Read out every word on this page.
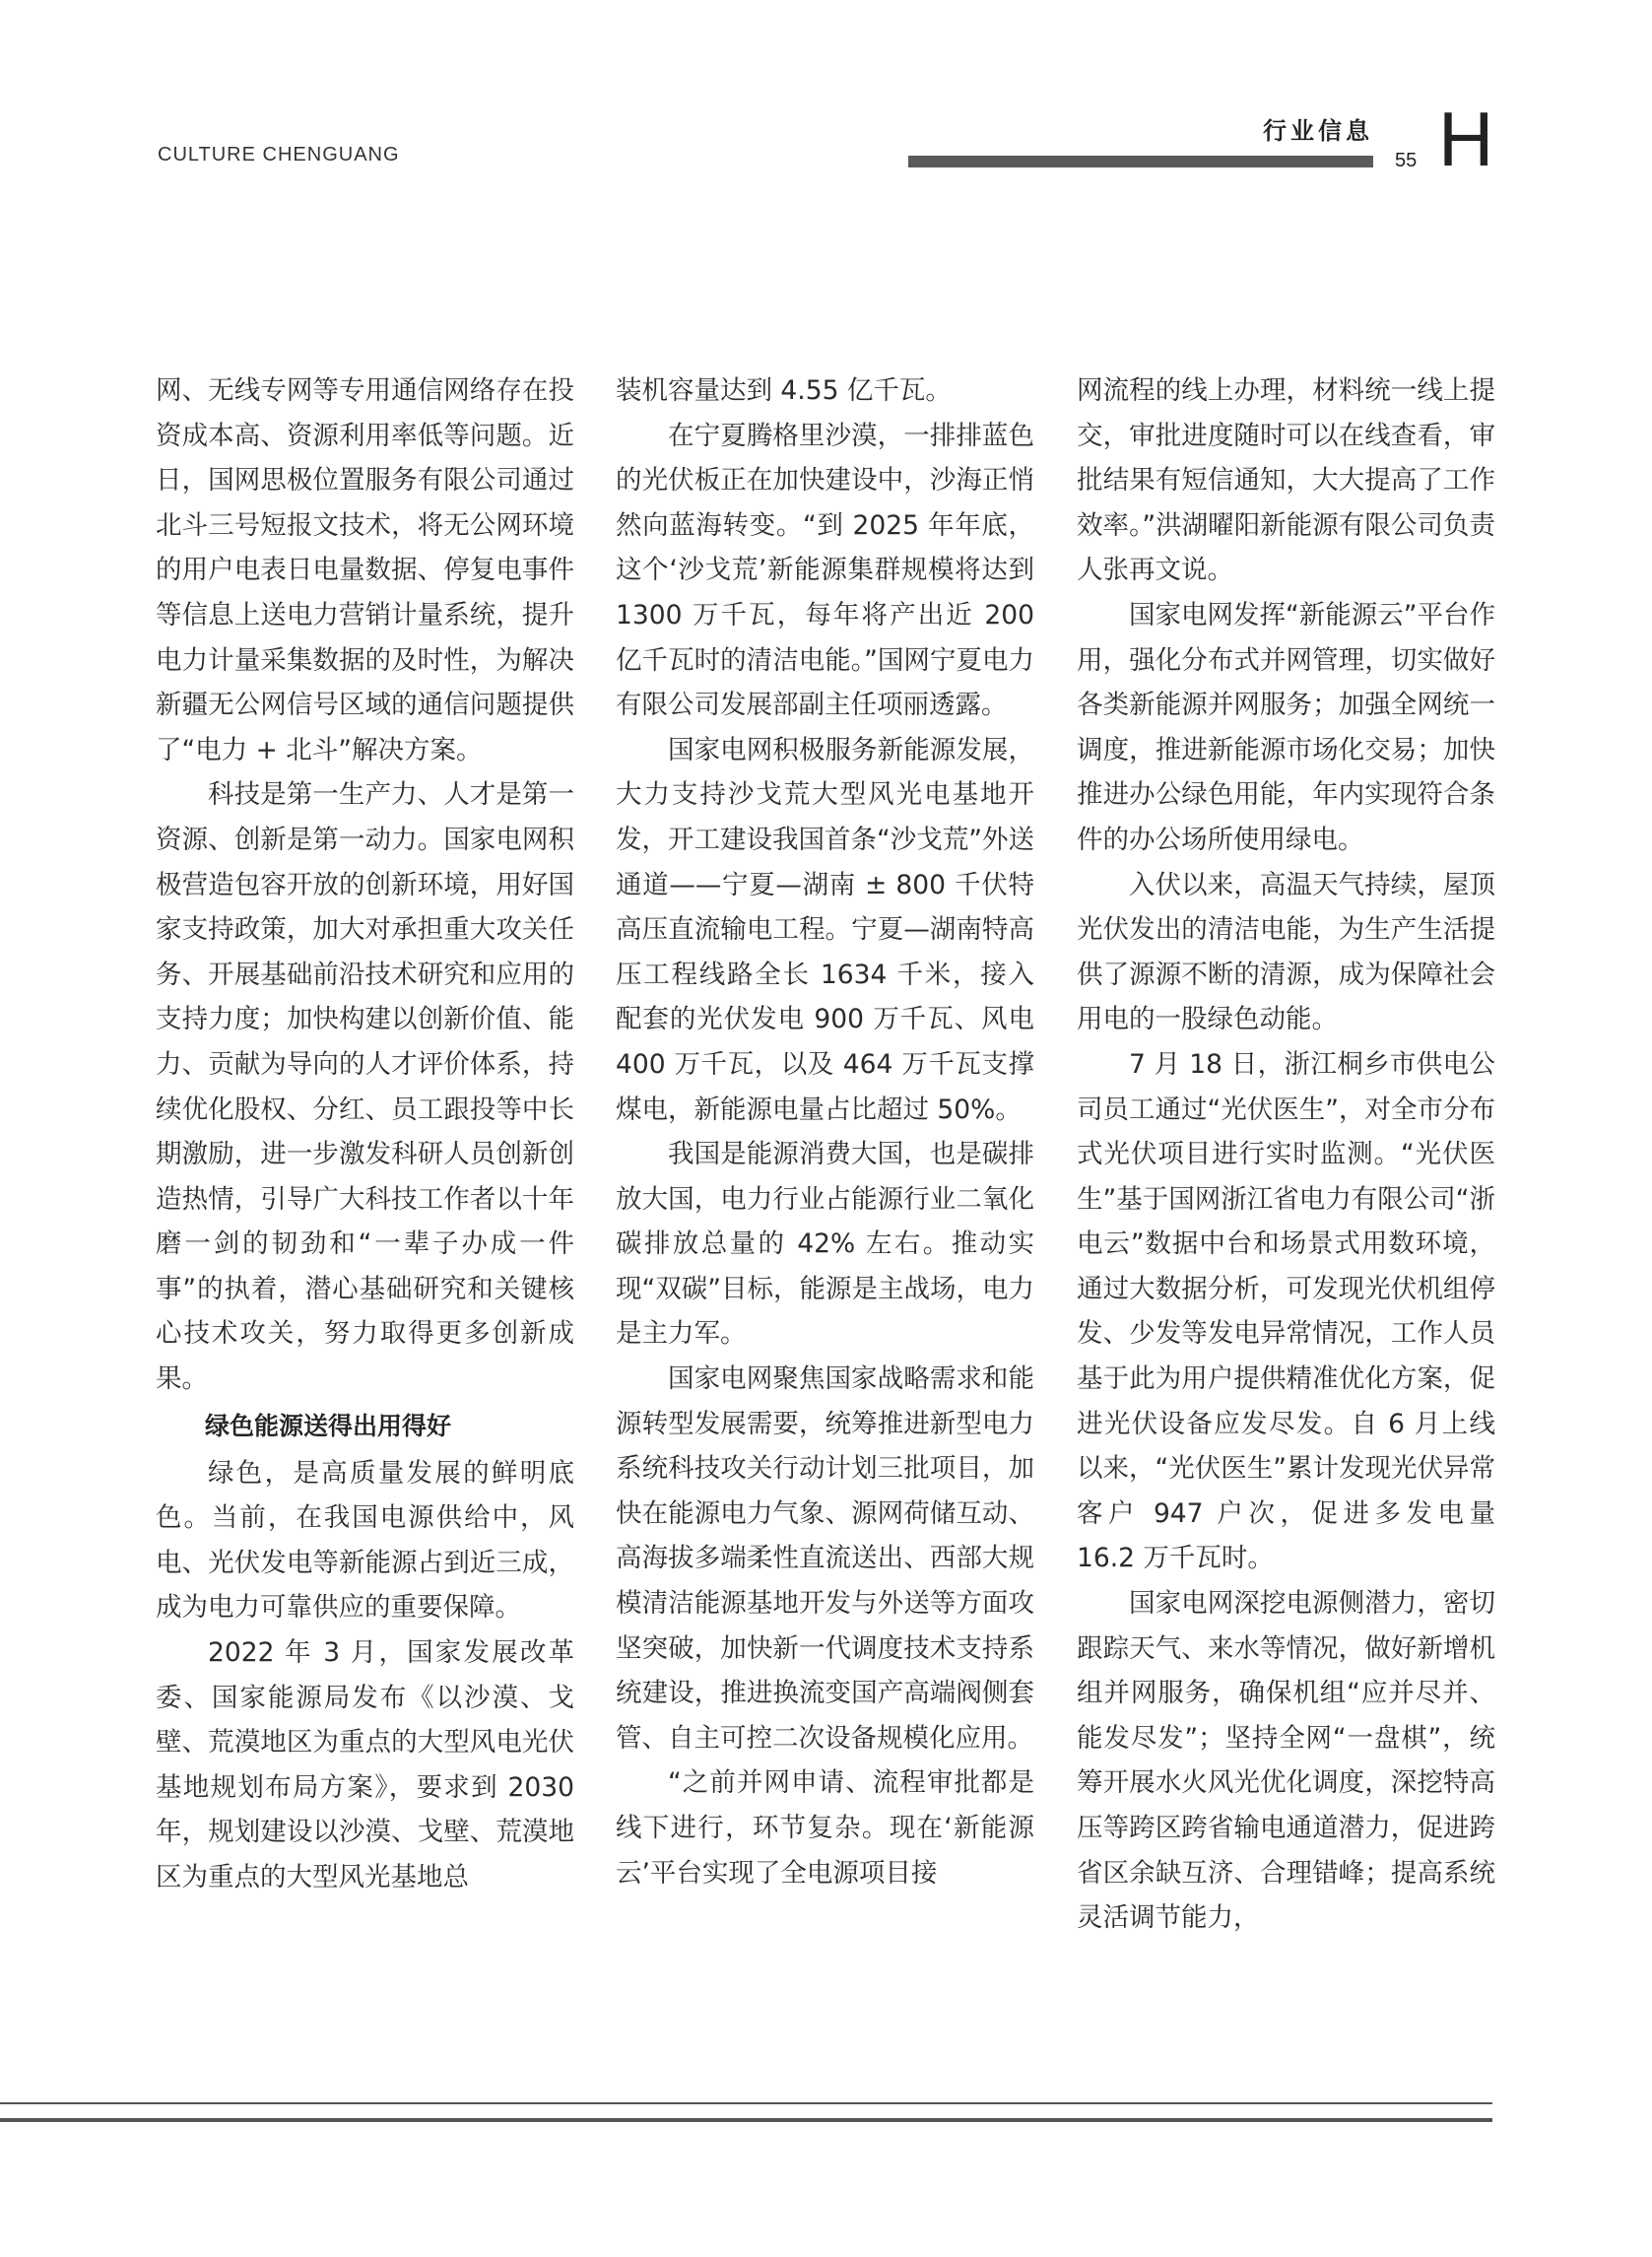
CULTURE CHENGUANG
行业信息
55 H

网、无线专网等专用通信网络存在投资成本高、资源利用率低等问题。近日，国网思极位置服务有限公司通过北斗三号短报文技术，将无公网环境的用户电表日电量数据、停复电事件等信息上送电力营销计量系统，提升电力计量采集数据的及时性，为解决新疆无公网信号区域的通信问题提供了“电力 + 北斗”解决方案。

科技是第一生产力、人才是第一资源、创新是第一动力。国家电网积极营造包容开放的创新环境，用好国家支持政策，加大对承担重大攻关任务、开展基础前沿技术研究和应用的支持力度；加快构建以创新价值、能力、贡献为导向的人才评价体系，持续优化股权、分红、员工跟投等中长期激励，进一步激发科研人员创新创造热情，引导广大科技工作者以十年磨一剑的韧劲和“一辈子办成一件事”的执着，潜心基础研究和关键核心技术攻关，努力取得更多创新成果。

绿色能源送得出用得好

绿色，是高质量发展的鲜明底色。当前，在我国电源供给中，风电、光伏发电等新能源占到近三成，成为电力可靠供应的重要保障。

2022 年 3 月，国家发展改革委、国家能源局发布《以沙漠、戈壁、荒漠地区为重点的大型风电光伏基地规划布局方案》，要求到 2030 年，规划建设以沙漠、戈壁、荒漠地区为重点的大型风光基地总

装机容量达到 4.55 亿千瓦。

在宁夏腾格里沙漠，一排排蓝色的光伏板正在加快建设中，沙海正悄然向蓝海转变。“到 2025 年年底，这个‘沙戈荒’新能源集群规模将达到 1300 万千瓦，每年将产出近 200 亿千瓦时的清洁电能。”国网宁夏电力有限公司发展部副主任项丽透露。

国家电网积极服务新能源发展，大力支持沙戈荒大型风光电基地开发，开工建设我国首条“沙戈荒”外送通道——宁夏—湖南 ± 800 千伏特高压直流输电工程。宁夏—湖南特高压工程线路全长 1634 千米，接入配套的光伏发电 900 万千瓦、风电 400 万千瓦，以及 464 万千瓦支撑煤电，新能源电量占比超过 50%。

我国是能源消费大国，也是碳排放大国，电力行业占能源行业二氧化碳排放总量的 42% 左右。推动实现“双碳”目标，能源是主战场，电力是主力军。

国家电网聚焦国家战略需求和能源转型发展需要，统筹推进新型电力系统科技攻关行动计划三批项目，加快在能源电力气象、源网荷储互动、高海拔多端柔性直流送出、西部大规模清洁能源基地开发与外送等方面攻坚突破，加快新一代调度技术支持系统建设，推进换流变国产高端阀侧套管、自主可控二次设备规模化应用。

“之前并网申请、流程审批都是线下进行，环节复杂。现在‘新能源云’平台实现了全电源项目接

网流程的线上办理，材料统一线上提交，审批进度随时可以在线查看，审批结果有短信通知，大大提高了工作效率。”洪湖曜阳新能源有限公司负责人张再文说。

国家电网发挥“新能源云”平台作用，强化分布式并网管理，切实做好各类新能源并网服务；加强全网统一调度，推进新能源市场化交易；加快推进办公绿色用能，年内实现符合条件的办公场所使用绿电。

入伏以来，高温天气持续，屋顶光伏发出的清洁电能，为生产生活提供了源源不断的清源，成为保障社会用电的一股绿色动能。

7 月 18 日，浙江桐乡市供电公司员工通过“光伏医生”，对全市分布式光伏项目进行实时监测。“光伏医生”基于国网浙江省电力有限公司“浙电云”数据中台和场景式用数环境，通过大数据分析，可发现光伏机组停发、少发等发电异常情况，工作人员基于此为用户提供精准优化方案，促进光伏设备应发尽发。自 6 月上线以来，“光伏医生”累计发现光伏异常客户 947 户次，促进多发电量 16.2 万千瓦时。

国家电网深挖电源侧潜力，密切跟踪天气、来水等情况，做好新增机组并网服务，确保机组“应并尽并、能发尽发”；坚持全网“一盘棋”，统筹开展水火风光优化调度，深挖特高压等跨区跨省输电通道潜力，促进跨省区余缺互济、合理错峰；提高系统灵活调节能力，
